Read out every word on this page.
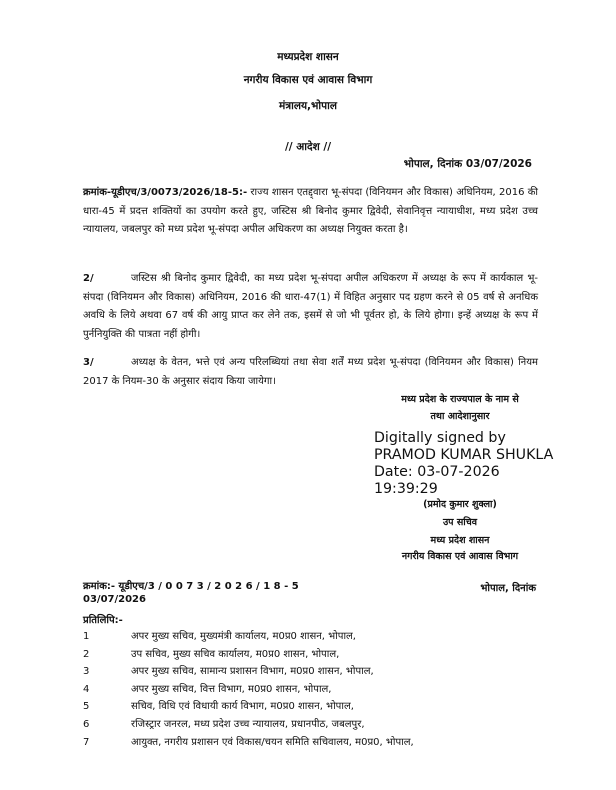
मध्यप्रदेश शासन
नगरीय विकास एवं आवास विभाग
मंत्रालय,भोपाल
// आदेश //
भोपाल, दिनांक 03/07/2026
क्रमांक-यूडीएच/3/0073/2026/18-5:- राज्य शासन एतद्द्वारा भू-संपदा (विनियमन और विकास) अधिनियम, 2016 की धारा-45 में प्रदत्त शक्तियों का उपयोग करते हुए, जस्टिस श्री बिनोद कुमार द्विवेदी, सेवानिवृत्त न्यायाधीश, मध्य प्रदेश उच्च न्यायालय, जबलपुर को मध्य प्रदेश भू-संपदा अपील अधिकरण का अध्यक्ष नियुक्त करता है।
2/	जस्टिस श्री बिनोद कुमार द्विवेदी, का मध्य प्रदेश भू-संपदा अपील अधिकरण में अध्यक्ष के रूप में कार्यकाल भू-संपदा (विनियमन और विकास) अधिनियम, 2016 की धारा-47(1) में विहित अनुसार पद ग्रहण करने से 05 वर्ष से अनधिक अवधि के लिये अथवा 67 वर्ष की आयु प्राप्त कर लेने तक, इसमें से जो भी पूर्वतर हो, के लिये होगा। इन्हें अध्यक्ष के रूप में पुर्ननियुक्ति की पात्रता नहीं होगी।
3/	अध्यक्ष के वेतन, भत्ते एवं अन्य परिलब्धियां तथा सेवा शर्तें मध्य प्रदेश भू-संपदा (विनियमन और विकास) नियम 2017 के नियम-30 के अनुसार संदाय किया जायेगा।
मध्य प्रदेश के राज्यपाल के नाम से
तथा आदेशानुसार
Digitally signed by
PRAMOD KUMAR SHUKLA
Date: 03-07-2026
19:39:29
(प्रमोद कुमार शुक्ला)
उप सचिव
मध्य प्रदेश शासन
नगरीय विकास एवं आवास विभाग
क्रमांक:- यूडीएच/3 / 0 0 7 3 / 2 0 2 6 / 1 8 - 5	भोपाल, दिनांक
03/07/2026
प्रतिलिपि:-
1	अपर मुख्य सचिव, मुख्यमंत्री कार्यालय, म0प्र0 शासन, भोपाल,
2	उप सचिव, मुख्य सचिव कार्यालय, म0प्र0 शासन, भोपाल,
3	अपर मुख्य सचिव, सामान्य प्रशासन विभाग, म0प्र0 शासन, भोपाल,
4	अपर मुख्य सचिव, वित्त विभाग, म0प्र0 शासन, भोपाल,
5	सचिव, विधि एवं विधायी कार्य विभाग, म0प्र0 शासन, भोपाल,
6	रजिस्ट्रार जनरल, मध्य प्रदेश उच्च न्यायालय, प्रधानपीठ, जबलपुर,
7	आयुक्त, नगरीय प्रशासन एवं विकास/चयन समिति सचिवालय, म0प्र0, भोपाल,
